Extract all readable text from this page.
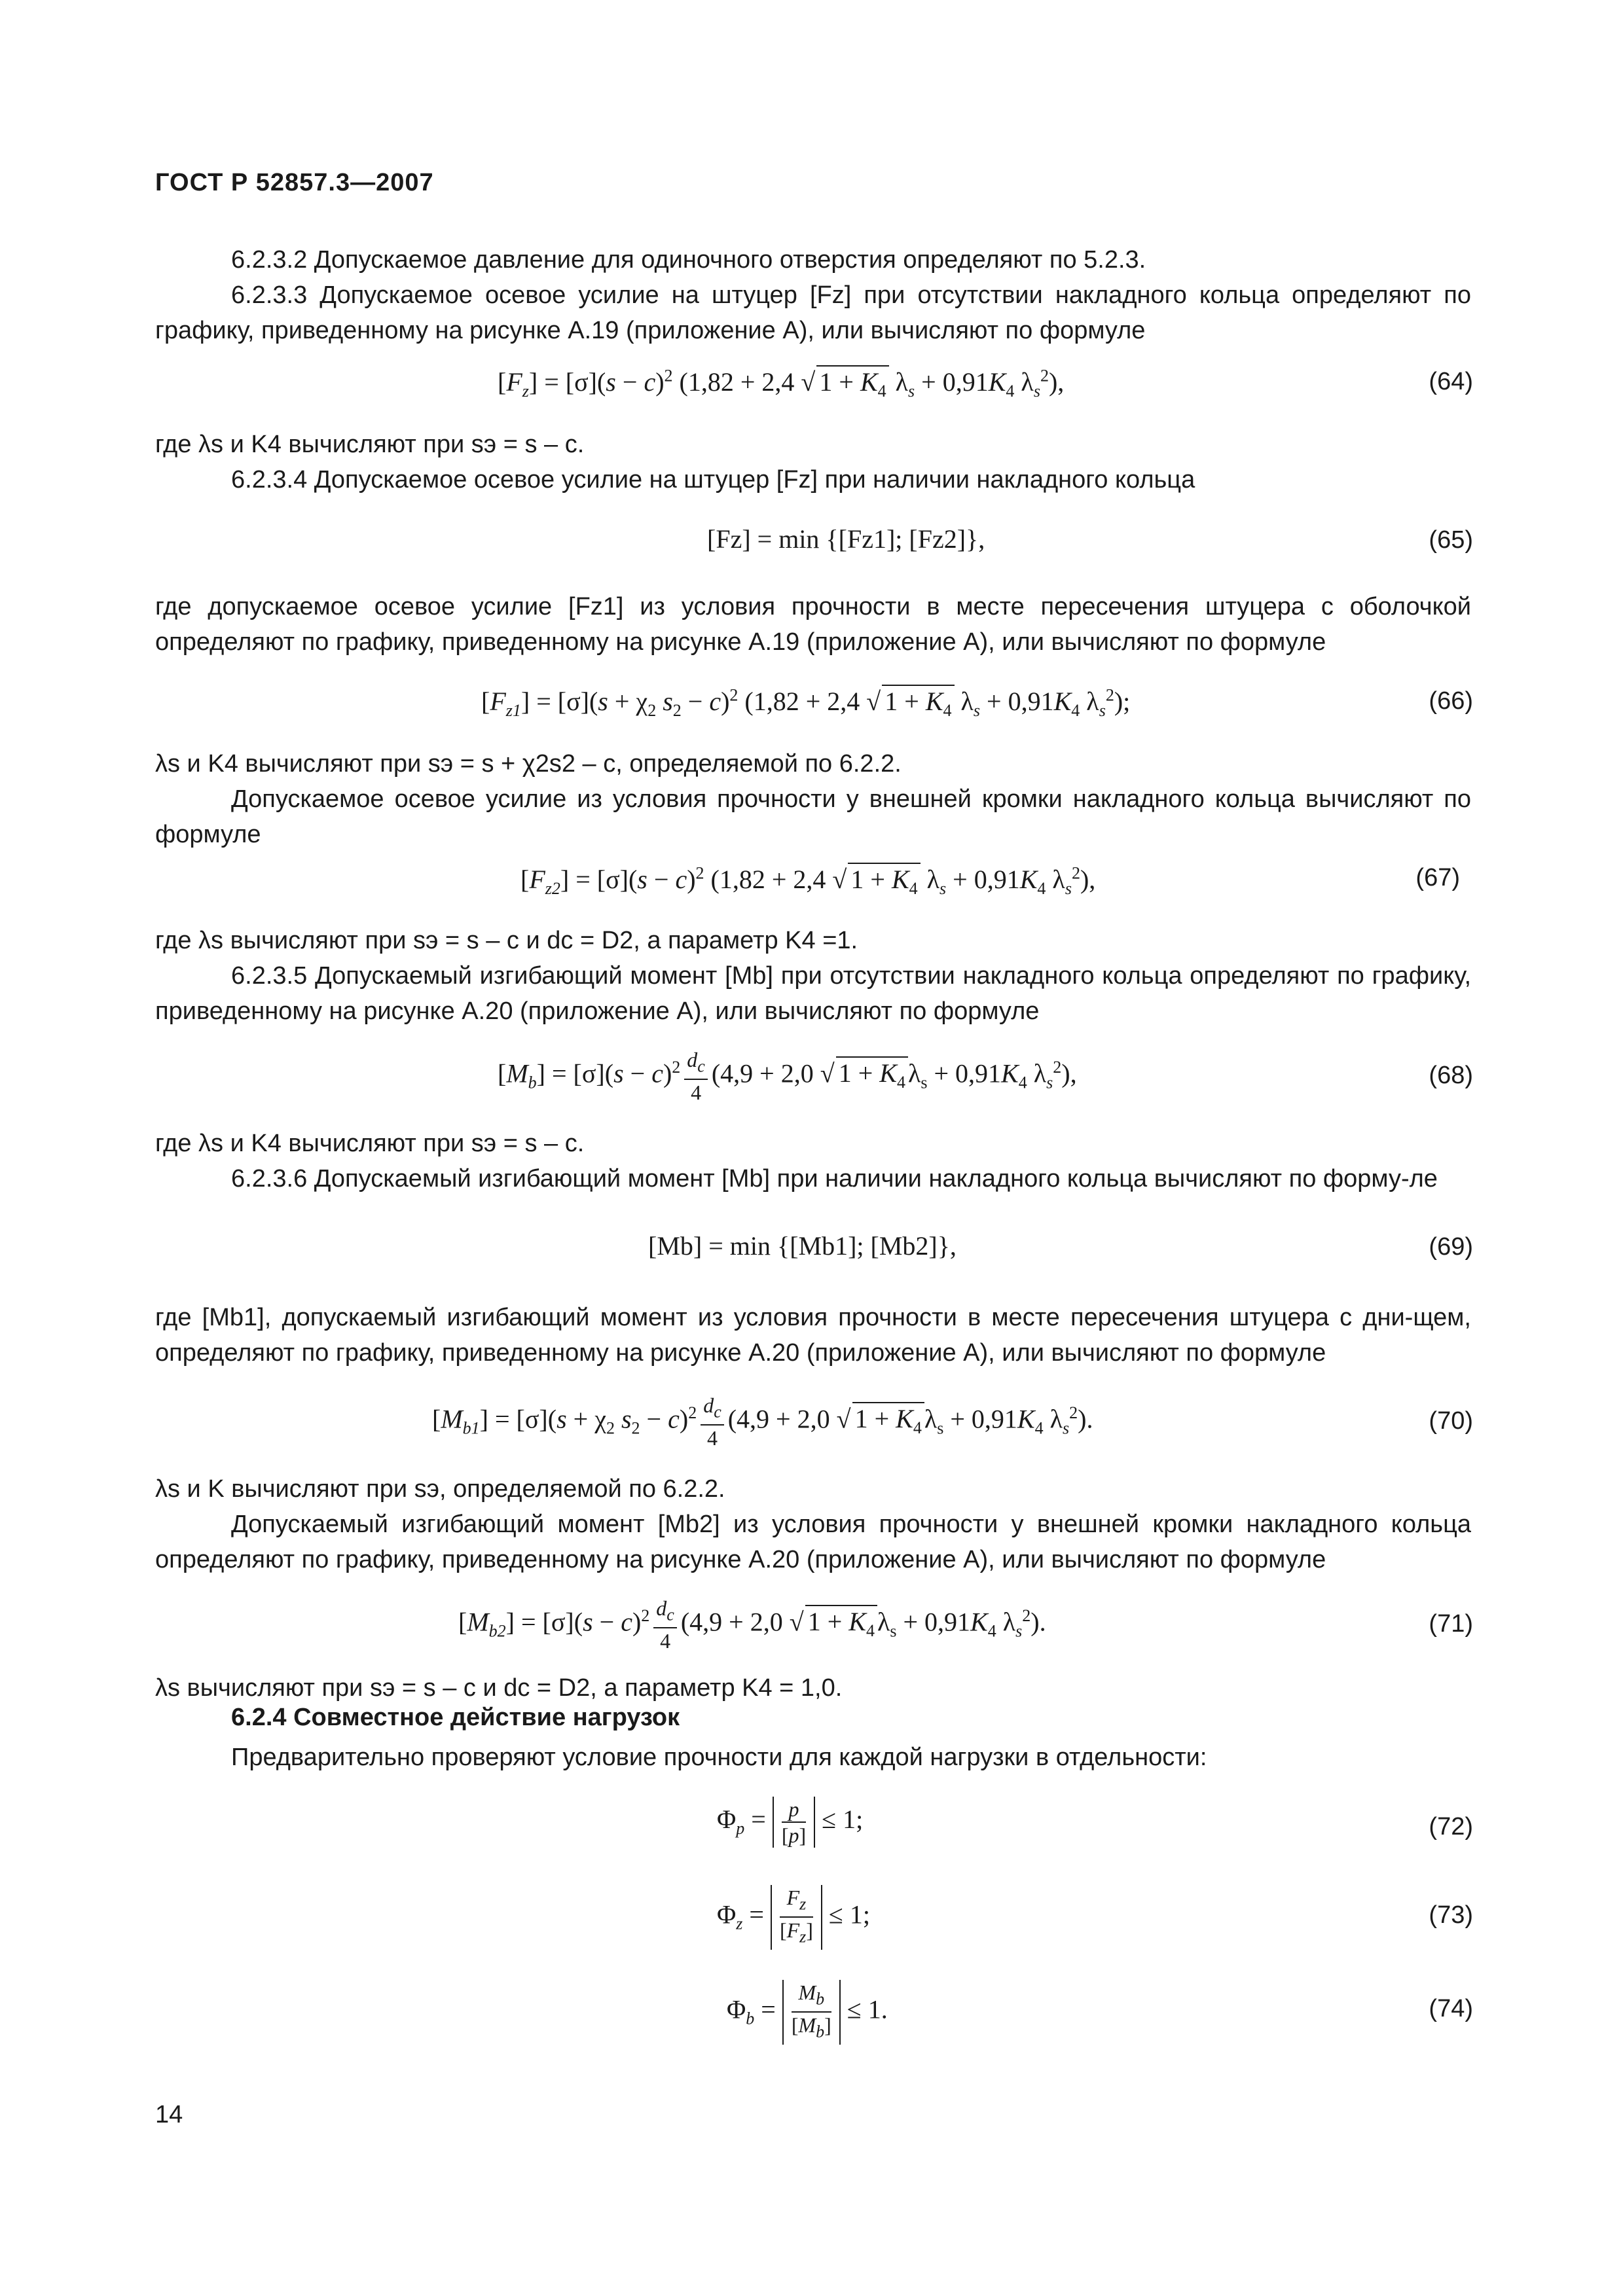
ГОСТ Р 52857.3—2007
6.2.3.2 Допускаемое давление для одиночного отверстия определяют по 5.2.3.
6.2.3.3 Допускаемое осевое усилие на штуцер [Fz] при отсутствии накладного кольца определяют по графику, приведенному на рисунке А.19 (приложение А), или вычисляют по формуле
$[F_z] = [\sigma](s - c)^2$ (1,82 + 2,4 √ $1 + K_4$ $\lambda_s + 0,91K_4$ $\lambda_s^2$),	(64)
где λs и K4 вычисляют при sэ = s – c.
6.2.3.4 Допускаемое осевое усилие на штуцер [Fz] при наличии накладного кольца
[Fz] = min {[Fz1]; [Fz2]},	(65)
где допускаемое осевое усилие [Fz1] из условия прочности в месте пересечения штуцера с оболочкой определяют по графику, приведенному на рисунке А.19 (приложение А), или вычисляют по формуле
$[F_{z1}] = [\sigma](s + \chi_2$ $s_2 - c)^2$ (1,82 + 2,4 √ $1 + K_4$ $\lambda_s + 0,91K_4$ $\lambda_s^2$);	(66)
λs и K4 вычисляют при sэ = s + χ2s2 – c, определяемой по 6.2.2.
Допускаемое осевое усилие из условия прочности у внешней кромки накладного кольца вычисляют по формуле
$[F_{z2}] = [\sigma](s - c)^2$ (1,82 + 2,4 √ $1 + K_4$ $\lambda_s + 0,91K_4$ $\lambda_s^2$),	(67)
где λs вычисляют при sэ = s – c и dc = D2, а параметр K4 =1.
6.2.3.5 Допускаемый изгибающий момент [Mb] при отсутствии накладного кольца определяют по графику, приведенному на рисунке А.20 (приложение А), или вычисляют по формуле
$[M_b] = [\sigma](s - c)^2 \frac{d_c}{4} (4,9 + 2,0$ √ $1 + K_4$ $\lambda_s + 0,91K_4$ $\lambda_s^2$),	(68)
где λs и K4 вычисляют при sэ = s – c.
6.2.3.6 Допускаемый изгибающий момент [Mb] при наличии накладного кольца вычисляют по форму-ле
[Mb] = min {[Mb1]; [Mb2]},	(69)
где [Mb1], допускаемый изгибающий момент из условия прочности в месте пересечения штуцера с дни-щем, определяют по графику, приведенному на рисунке А.20 (приложение А), или вычисляют по формуле
$[M_{b1}] = [\sigma](s + \chi_2$ $s_2 - c)^2 \frac{d_c}{4} (4,9 + 2,0$ √ $1 + K_4$ $\lambda_s + 0,91K_4$ $\lambda_s^2$).	(70)
λs и K вычисляют при sэ, определяемой по 6.2.2.
Допускаемый изгибающий момент [Mb2] из условия прочности у внешней кромки накладного кольца определяют по графику, приведенному на рисунке А.20 (приложение А), или вычисляют по формуле
$[M_{b2}] = [\sigma](s - c)^2 \frac{d_c}{4} (4,9 + 2,0$ √ $1 + K_4$ $\lambda_s + 0,91K_4$ $\lambda_s^2$).	(71)
λs вычисляют при sэ = s – c и dc = D2, а параметр K4 = 1,0.
6.2.4 Совместное действие нагрузок
Предварительно проверяют условие прочности для каждой нагрузки в отдельности:
$\Phi_p = \frac{p}{[p]} \le 1$;	(72)
$\Phi_z = \frac{F_z}{[F_z]} \le 1$;	(73)
$\Phi_b = \frac{M_b}{[M_b]} \le 1$.	(74)
14
